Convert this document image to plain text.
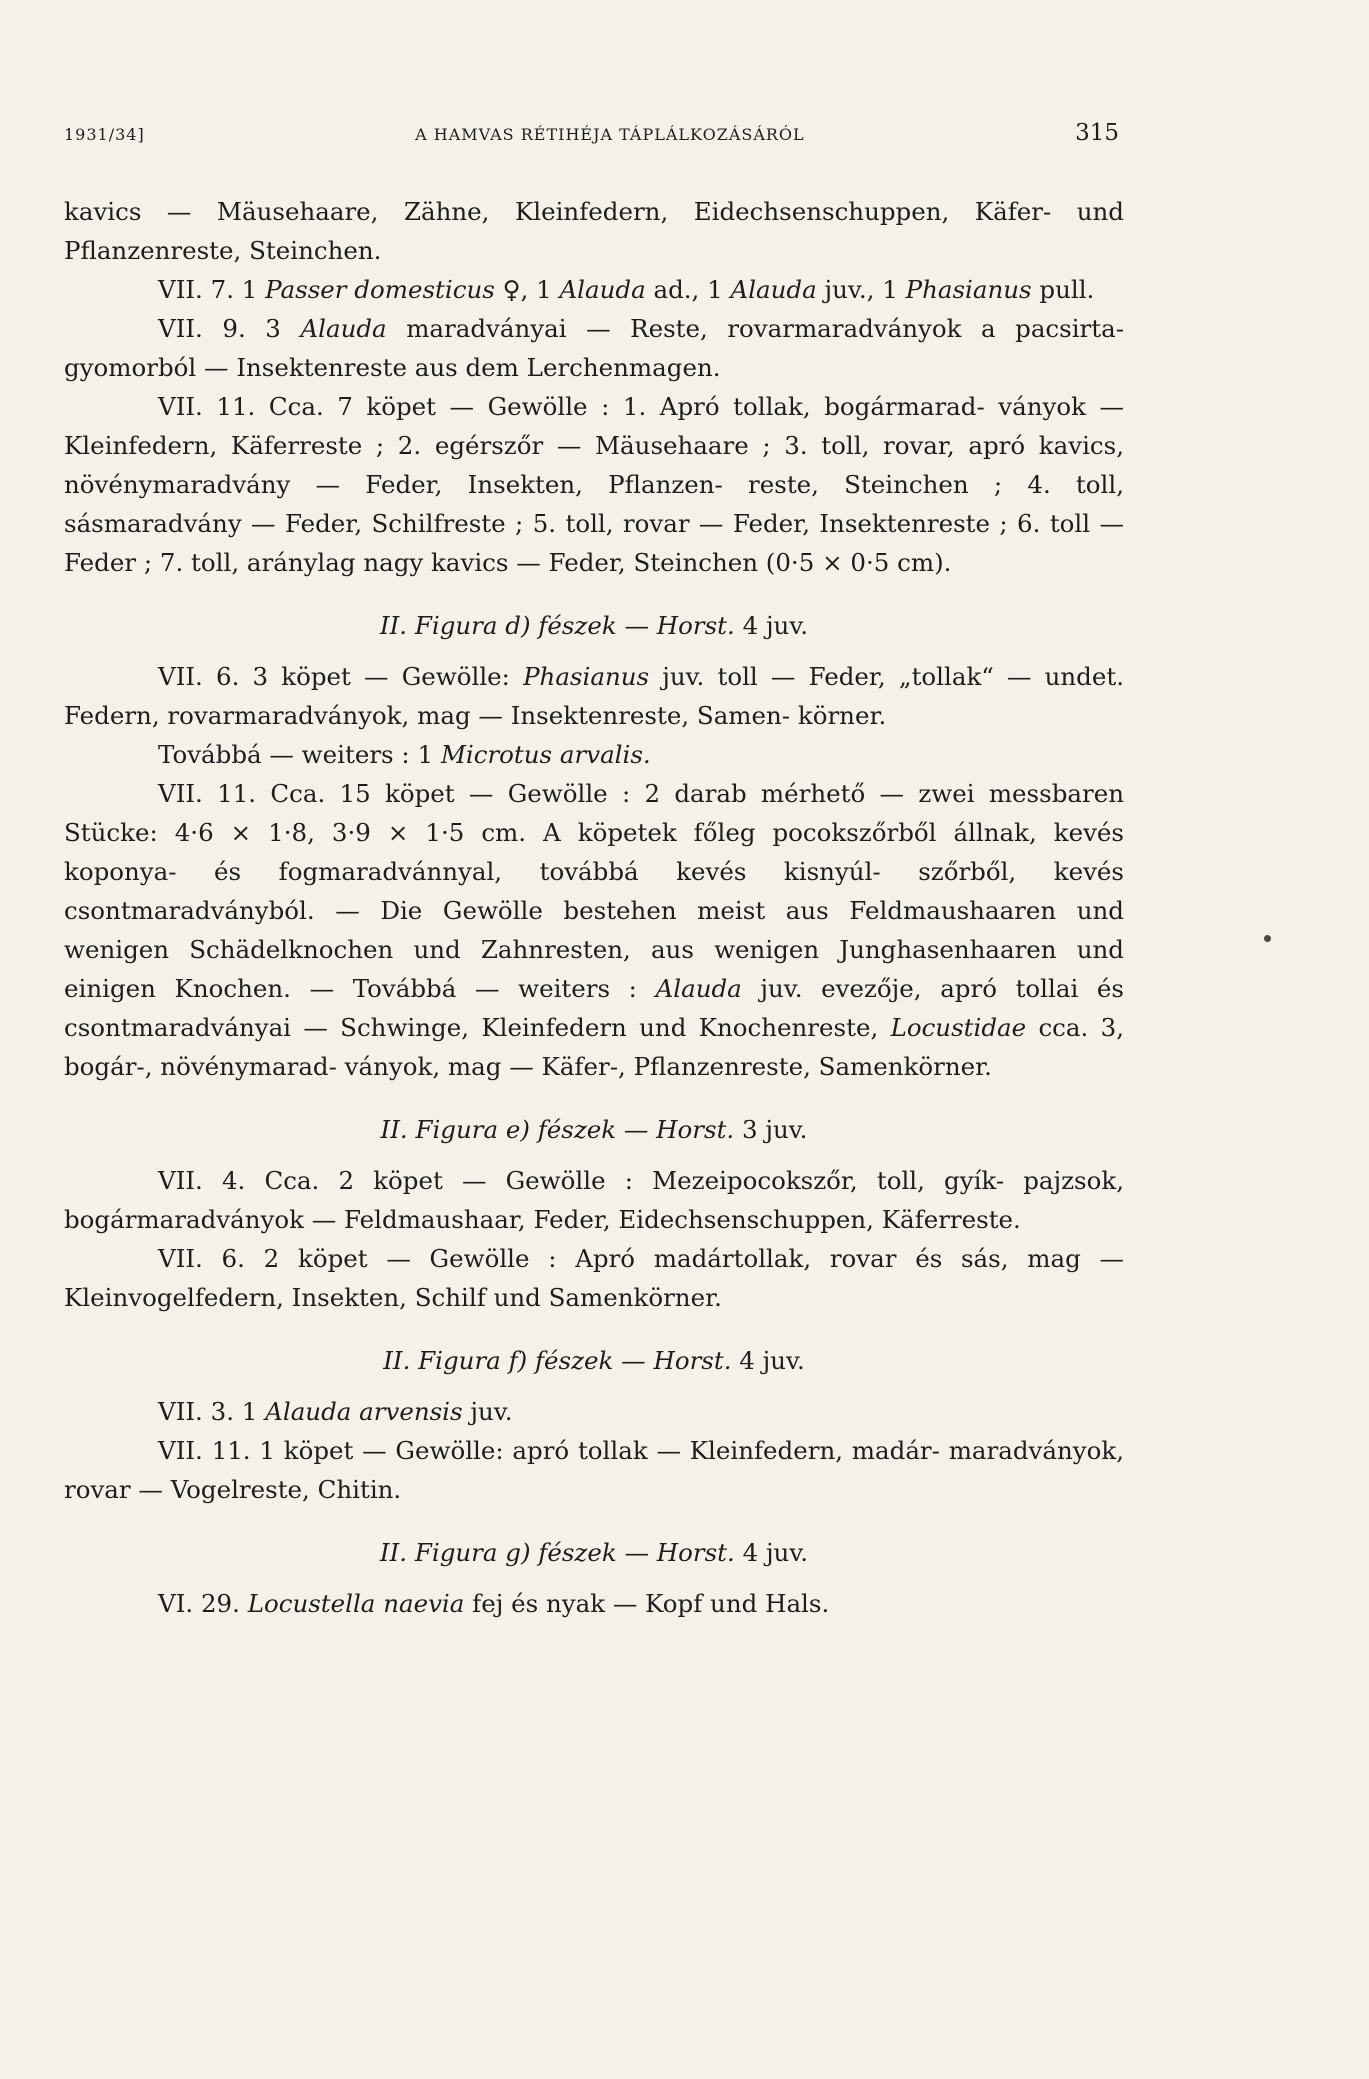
1931/34]	A HAMVAS RÉTIHÉJA TÁPLÁLKOZÁSÁRÓL	315

kavics — Mäusehaare, Zähne, Kleinfedern, Eidechsenschuppen, Käfer- und Pflanzenreste, Steinchen.

VII. 7. 1 Passer domesticus ♀, 1 Alauda ad., 1 Alauda juv., 1 Phasianus pull.

VII. 9. 3 Alauda maradványai — Reste, rovarmaradványok a pacsirta-gyomorból — Insektenreste aus dem Lerchenmagen.

VII. 11. Cca. 7 köpet — Gewölle : 1. Apró tollak, bogármarad- ványok — Kleinfedern, Käferreste ; 2. egérszőr — Mäusehaare ; 3. toll, rovar, apró kavics, növénymaradvány — Feder, Insekten, Pflanzen- reste, Steinchen ; 4. toll, sásmaradvány — Feder, Schilfreste ; 5. toll, rovar — Feder, Insektenreste ; 6. toll — Feder ; 7. toll, aránylag nagy kavics — Feder, Steinchen (0·5 × 0·5 cm).

II. Figura d) fészek — Horst. 4 juv.

VII. 6. 3 köpet — Gewölle: Phasianus juv. toll — Feder, „tollak“ — undet. Federn, rovarmaradványok, mag — Insektenreste, Samen- körner.

Továbbá — weiters : 1 Microtus arvalis.

VII. 11. Cca. 15 köpet — Gewölle : 2 darab mérhető — zwei messbaren Stücke: 4·6 × 1·8, 3·9 × 1·5 cm. A köpetek főleg pocokszőrből állnak, kevés koponya- és fogmaradvánnyal, továbbá kevés kisnyúl- szőrből, kevés csontmaradványból. — Die Gewölle bestehen meist aus Feldmaushaaren und wenigen Schädelknochen und Zahnresten, aus wenigen Junghasenhaaren und einigen Knochen. — Továbbá — weiters : Alauda juv. evezője, apró tollai és csontmaradványai — Schwinge, Kleinfedern und Knochenreste, Locustidae cca. 3, bogár-, növénymarad- ványok, mag — Käfer-, Pflanzenreste, Samenkörner.

II. Figura e) fészek — Horst. 3 juv.

VII. 4. Cca. 2 köpet — Gewölle : Mezeipocokszőr, toll, gyík- pajzsok, bogármaradványok — Feldmaushaar, Feder, Eidechsenschuppen, Käferreste.

VII. 6. 2 köpet — Gewölle : Apró madártollak, rovar és sás, mag — Kleinvogelfedern, Insekten, Schilf und Samenkörner.

II. Figura f) fészek — Horst. 4 juv.

VII. 3. 1 Alauda arvensis juv.

VII. 11. 1 köpet — Gewölle: apró tollak — Kleinfedern, madár- maradványok, rovar — Vogelreste, Chitin.

II. Figura g) fészek — Horst. 4 juv.

VI. 29. Locustella naevia fej és nyak — Kopf und Hals.
